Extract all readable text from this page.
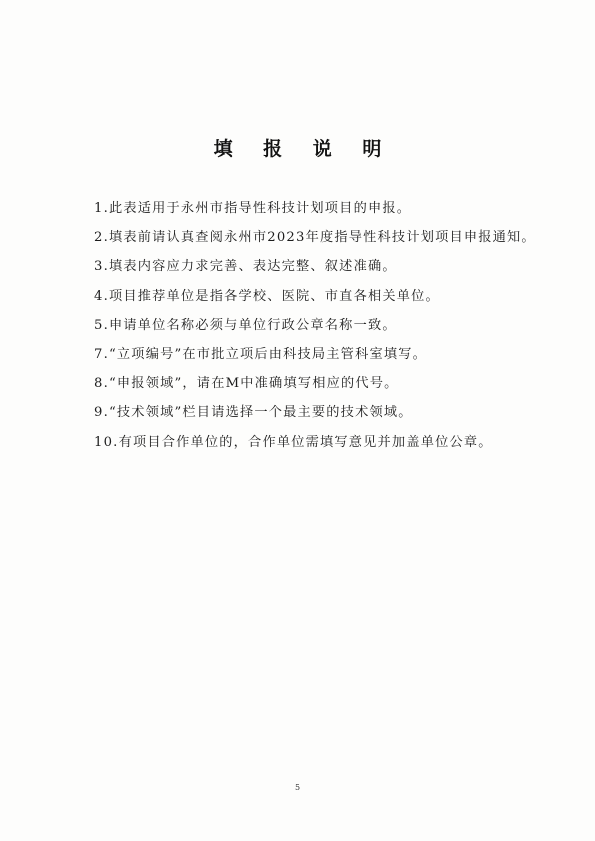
填 报 说 明
1.此表适用于永州市指导性科技计划项目的申报。
2.填表前请认真查阅永州市2023年度指导性科技计划项目申报通知。
3.填表内容应力求完善、表达完整、叙述准确。
4.项目推荐单位是指各学校、医院、市直各相关单位。
5.申请单位名称必须与单位行政公章名称一致。
7.“立项编号”在市批立项后由科技局主管科室填写。
8.“申报领域”，请在M中准确填写相应的代号。
9.“技术领域”栏目请选择一个最主要的技术领域。
10.有项目合作单位的，合作单位需填写意见并加盖单位公章。
5
